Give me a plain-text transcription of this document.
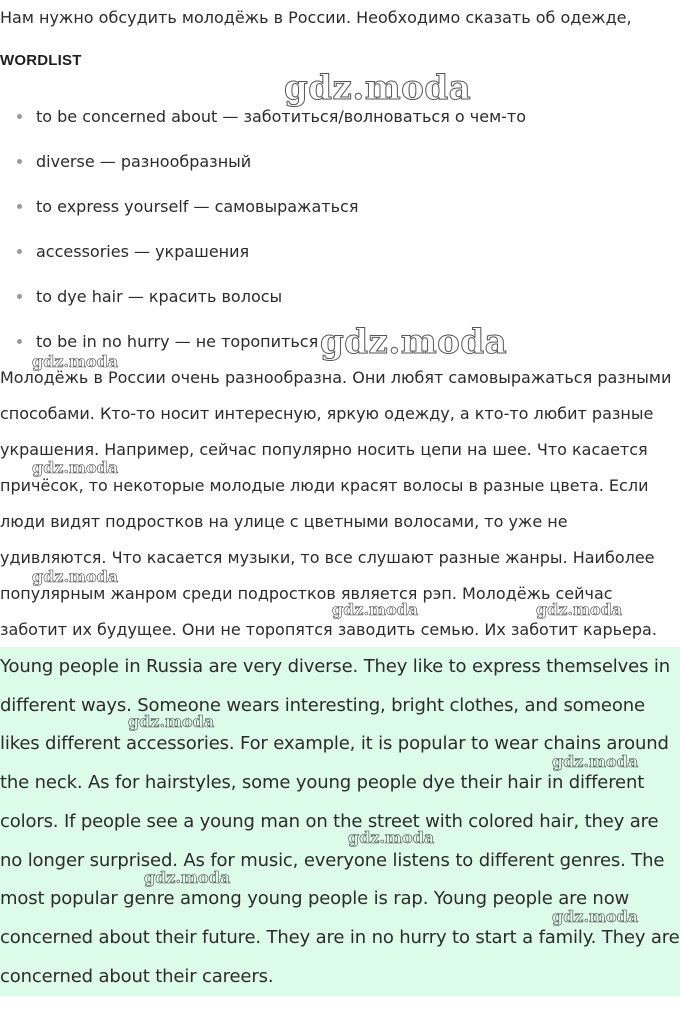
Нам нужно обсудить молодёжь в России. Необходимо сказать об одежде,
WORDLIST
to be concerned about — заботиться/волноваться о чем-то
diverse — разнообразный
to express yourself — самовыражаться
accessories — украшения
to dye hair — красить волосы
to be in no hurry — не торопиться

Молодёжь в России очень разнообразна. Они любят самовыражаться разными способами. Кто-то носит интересную, яркую одежду, а кто-то любит разные украшения. Например, сейчас популярно носить цепи на шее. Что касается причёсок, то некоторые молодые люди красят волосы в разные цвета. Если люди видят подростков на улице с цветными волосами, то уже не удивляются. Что касается музыки, то все слушают разные жанры. Наиболее популярным жанром среди подростков является рэп. Молодёжь сейчас заботит их будущее. Они не торопятся заводить семью. Их заботит карьера.

Young people in Russia are very diverse. They like to express themselves in different ways. Someone wears interesting, bright clothes, and someone likes different accessories. For example, it is popular to wear chains around the neck. As for hairstyles, some young people dye their hair in different colors. If people see a young man on the street with colored hair, they are no longer surprised. As for music, everyone listens to different genres. The most popular genre among young people is rap. Young people are now concerned about their future. They are in no hurry to start a family. They are concerned about their careers.

gdz.moda
gdz.moda
gdz.moda
gdz.moda
gdz.moda
gdz.moda	gdz.moda
gdz.moda
gdz.moda
gdz.moda
gdz.moda
gdz.moda
